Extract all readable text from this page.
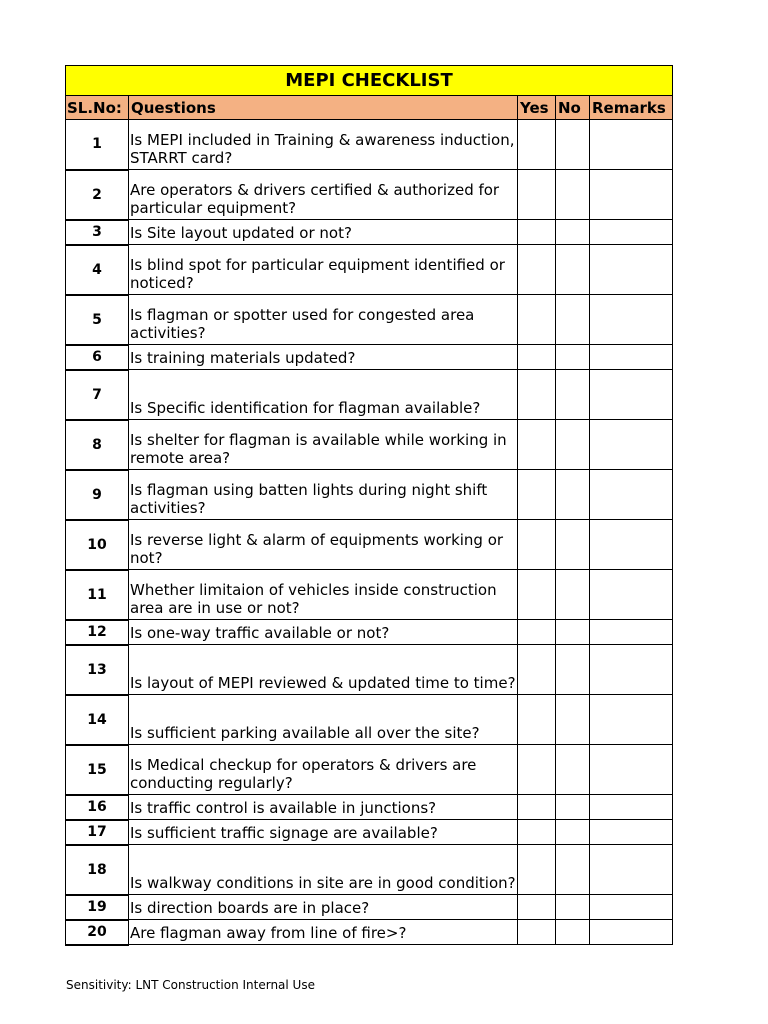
MEPI CHECKLIST				
SL.No:	Questions	Yes	No	Remarks
1	Is MEPI included in Training & awareness induction, STARRT card?			
2	Are operators & drivers certified & authorized for particular equipment?			
3	Is Site layout updated or not?			
4	Is blind spot for particular equipment identified or noticed?			
5	Is flagman or spotter used for congested area activities?			
6	Is training materials updated?			
7	Is Specific identification for flagman available?			
8	Is shelter for flagman is available while working in remote area?			
9	Is flagman using batten lights during night shift activities?			
10	Is reverse light & alarm of equipments working or not?			
11	Whether limitaion of vehicles inside construction area are in use or not?			
12	Is one-way traffic available or not?			
13	Is layout of MEPI reviewed & updated time to time?			
14	Is sufficient parking available all over the site?			
15	Is Medical checkup for operators & drivers are conducting regularly?			
16	Is traffic control is available in junctions?			
17	Is sufficient traffic signage are available?			
18	Is walkway conditions in site are in good condition?			
19	Is direction boards are in place?			
20	Are flagman away from line of fire>?			
Sensitivity: LNT Construction Internal Use
